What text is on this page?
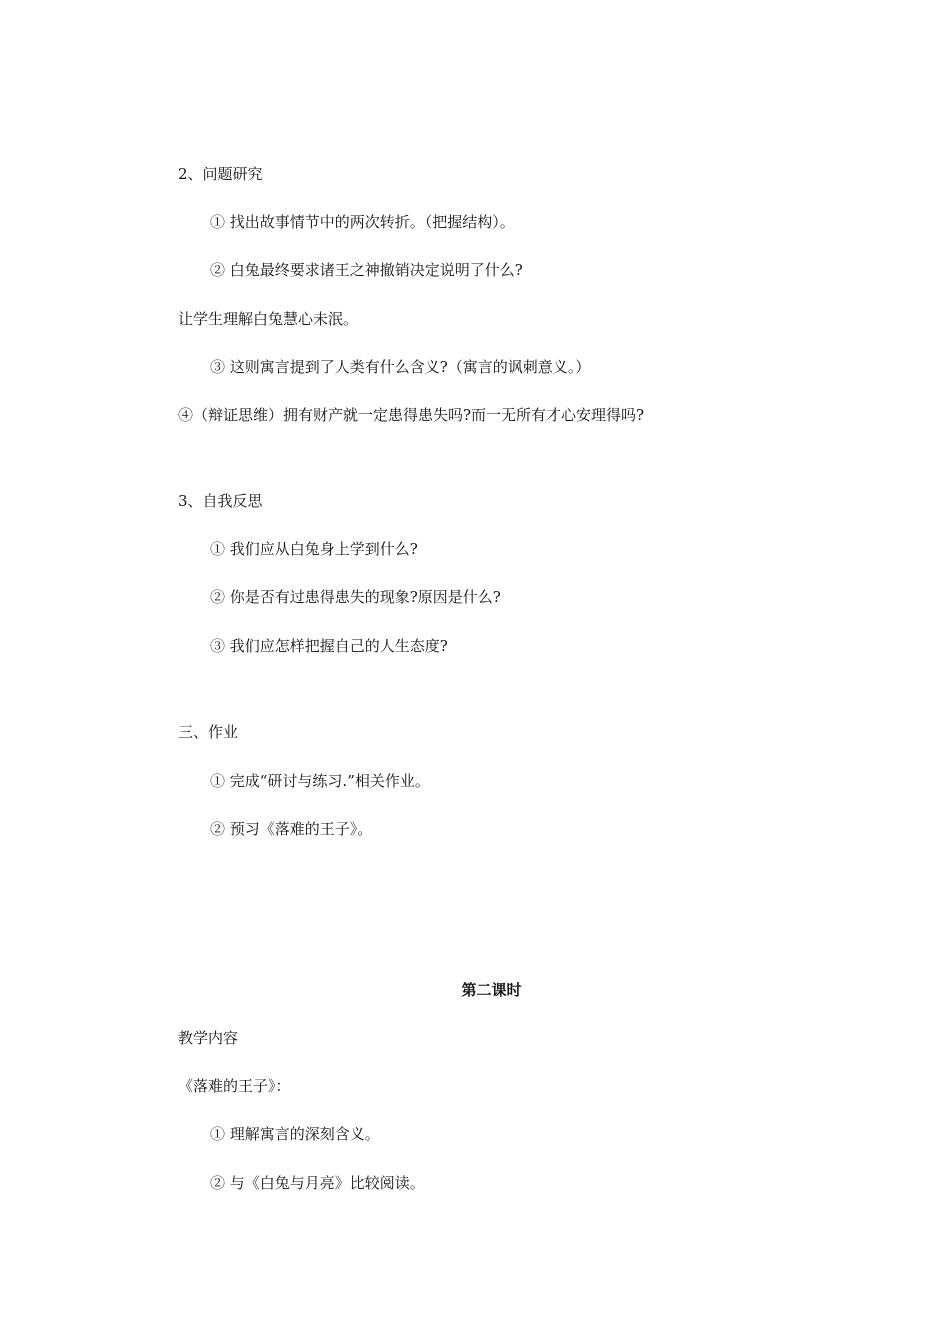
2、问题研究
① 找出故事情节中的两次转折。（把握结构）。
② 白兔最终要求诸王之神撤销决定说明了什么?
让学生理解白兔慧心未泯。
③ 这则寓言提到了人类有什么含义?（寓言的讽刺意义。）
④（辩证思维）拥有财产就一定患得患失吗?而一无所有才心安理得吗?
3、自我反思
① 我们应从白兔身上学到什么?
② 你是否有过患得患失的现象?原因是什么?
③ 我们应怎样把握自己的人生态度?
三、作业
① 完成“研讨与练习.”相关作业。
② 预习《落难的王子》。
第二课时
教学内容
《落难的王子》：
① 理解寓言的深刻含义。
② 与《白兔与月亮》比较阅读。
